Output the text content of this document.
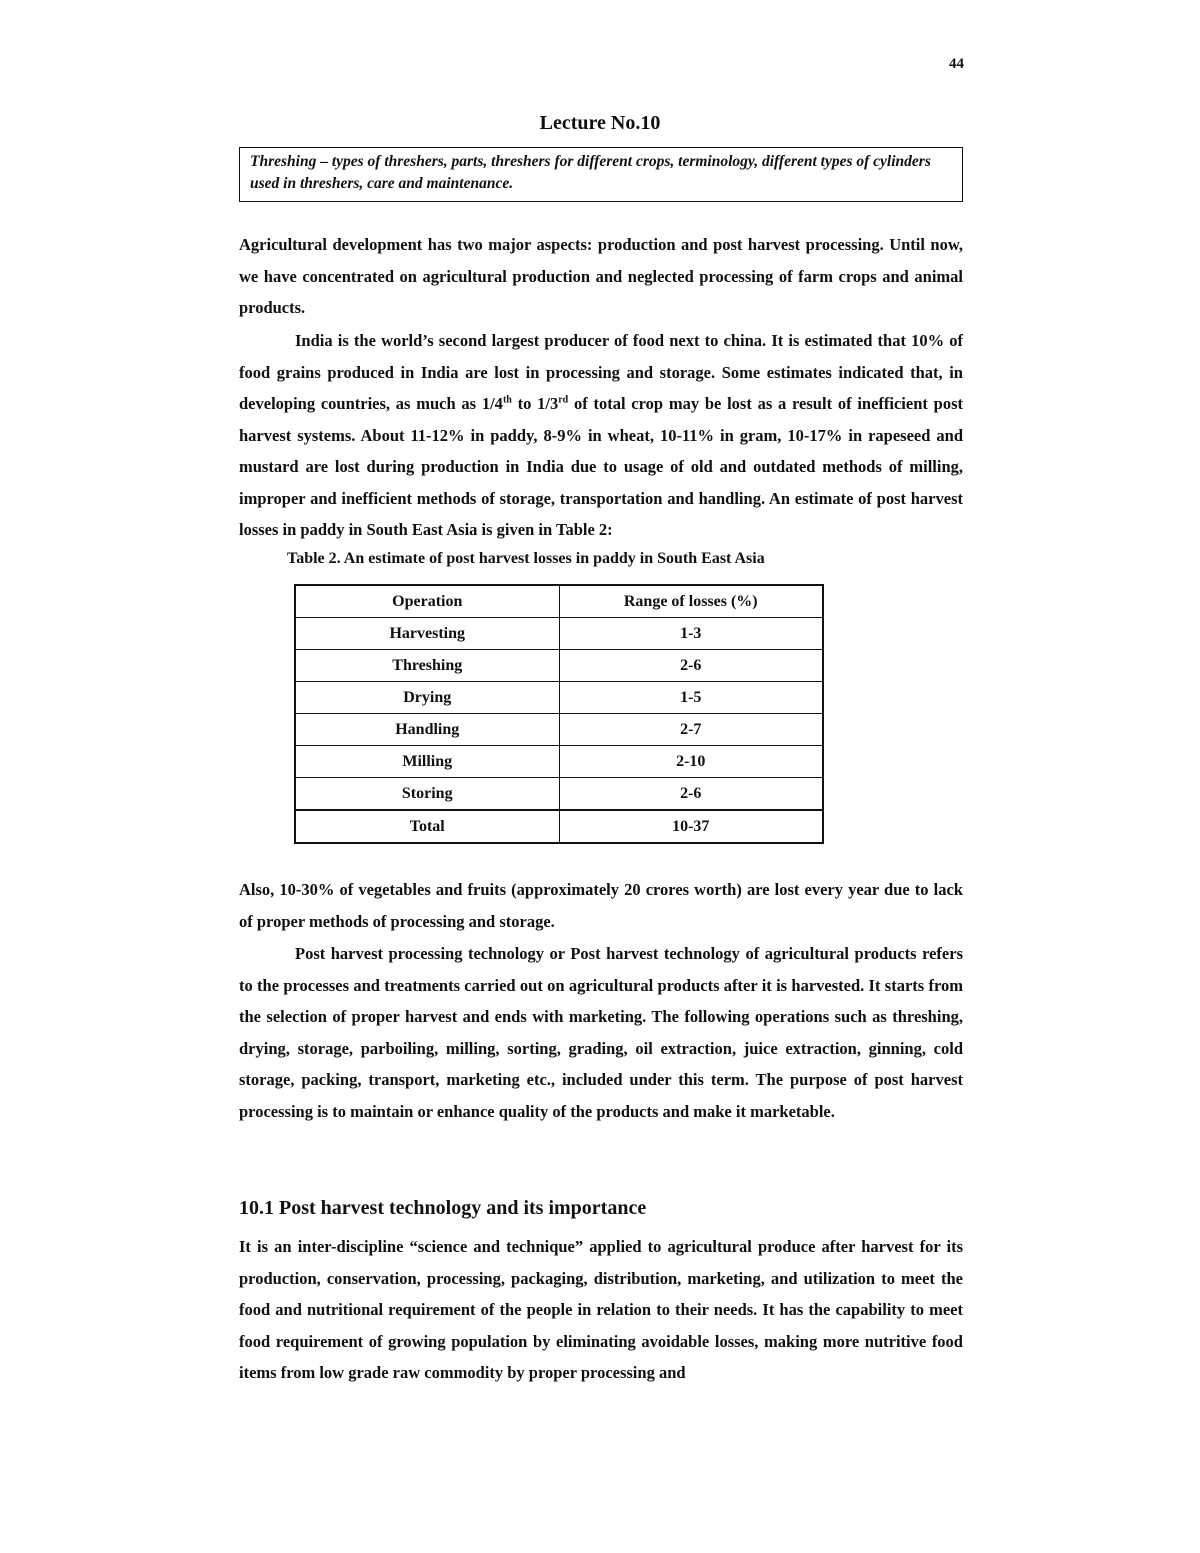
44
Lecture No.10
Threshing – types of threshers, parts, threshers for different crops, terminology, different types of cylinders used in threshers, care and maintenance.

Agricultural development has two major aspects: production and post harvest processing. Until now, we have concentrated on agricultural production and neglected processing of farm crops and animal products.

India is the world’s second largest producer of food next to china. It is estimated that 10% of food grains produced in India are lost in processing and storage. Some estimates indicated that, in developing countries, as much as 1/4th to 1/3rd of total crop may be lost as a result of inefficient post harvest systems. About 11-12% in paddy, 8-9% in wheat, 10-11% in gram, 10-17% in rapeseed and mustard are lost during production in India due to usage of old and outdated methods of milling, improper and inefficient methods of storage, transportation and handling. An estimate of post harvest losses in paddy in South East Asia is given in Table 2:

Table 2. An estimate of post harvest losses in paddy in South East Asia

Operation	Range of losses (%)
Harvesting	1-3
Threshing	2-6
Drying	1-5
Handling	2-7
Milling	2-10
Storing	2-6
Total	10-37

Also, 10-30% of vegetables and fruits (approximately 20 crores worth) are lost every year due to lack of proper methods of processing and storage.

Post harvest processing technology or Post harvest technology of agricultural products refers to the processes and treatments carried out on agricultural products after it is harvested. It starts from the selection of proper harvest and ends with marketing. The following operations such as threshing, drying, storage, parboiling, milling, sorting, grading, oil extraction, juice extraction, ginning, cold storage, packing, transport, marketing etc., included under this term. The purpose of post harvest processing is to maintain or enhance quality of the products and make it marketable.

10.1 Post harvest technology and its importance

It is an inter-discipline “science and technique” applied to agricultural produce after harvest for its production, conservation, processing, packaging, distribution, marketing, and utilization to meet the food and nutritional requirement of the people in relation to their needs. It has the capability to meet food requirement of growing population by eliminating avoidable losses, making more nutritive food items from low grade raw commodity by proper processing and
